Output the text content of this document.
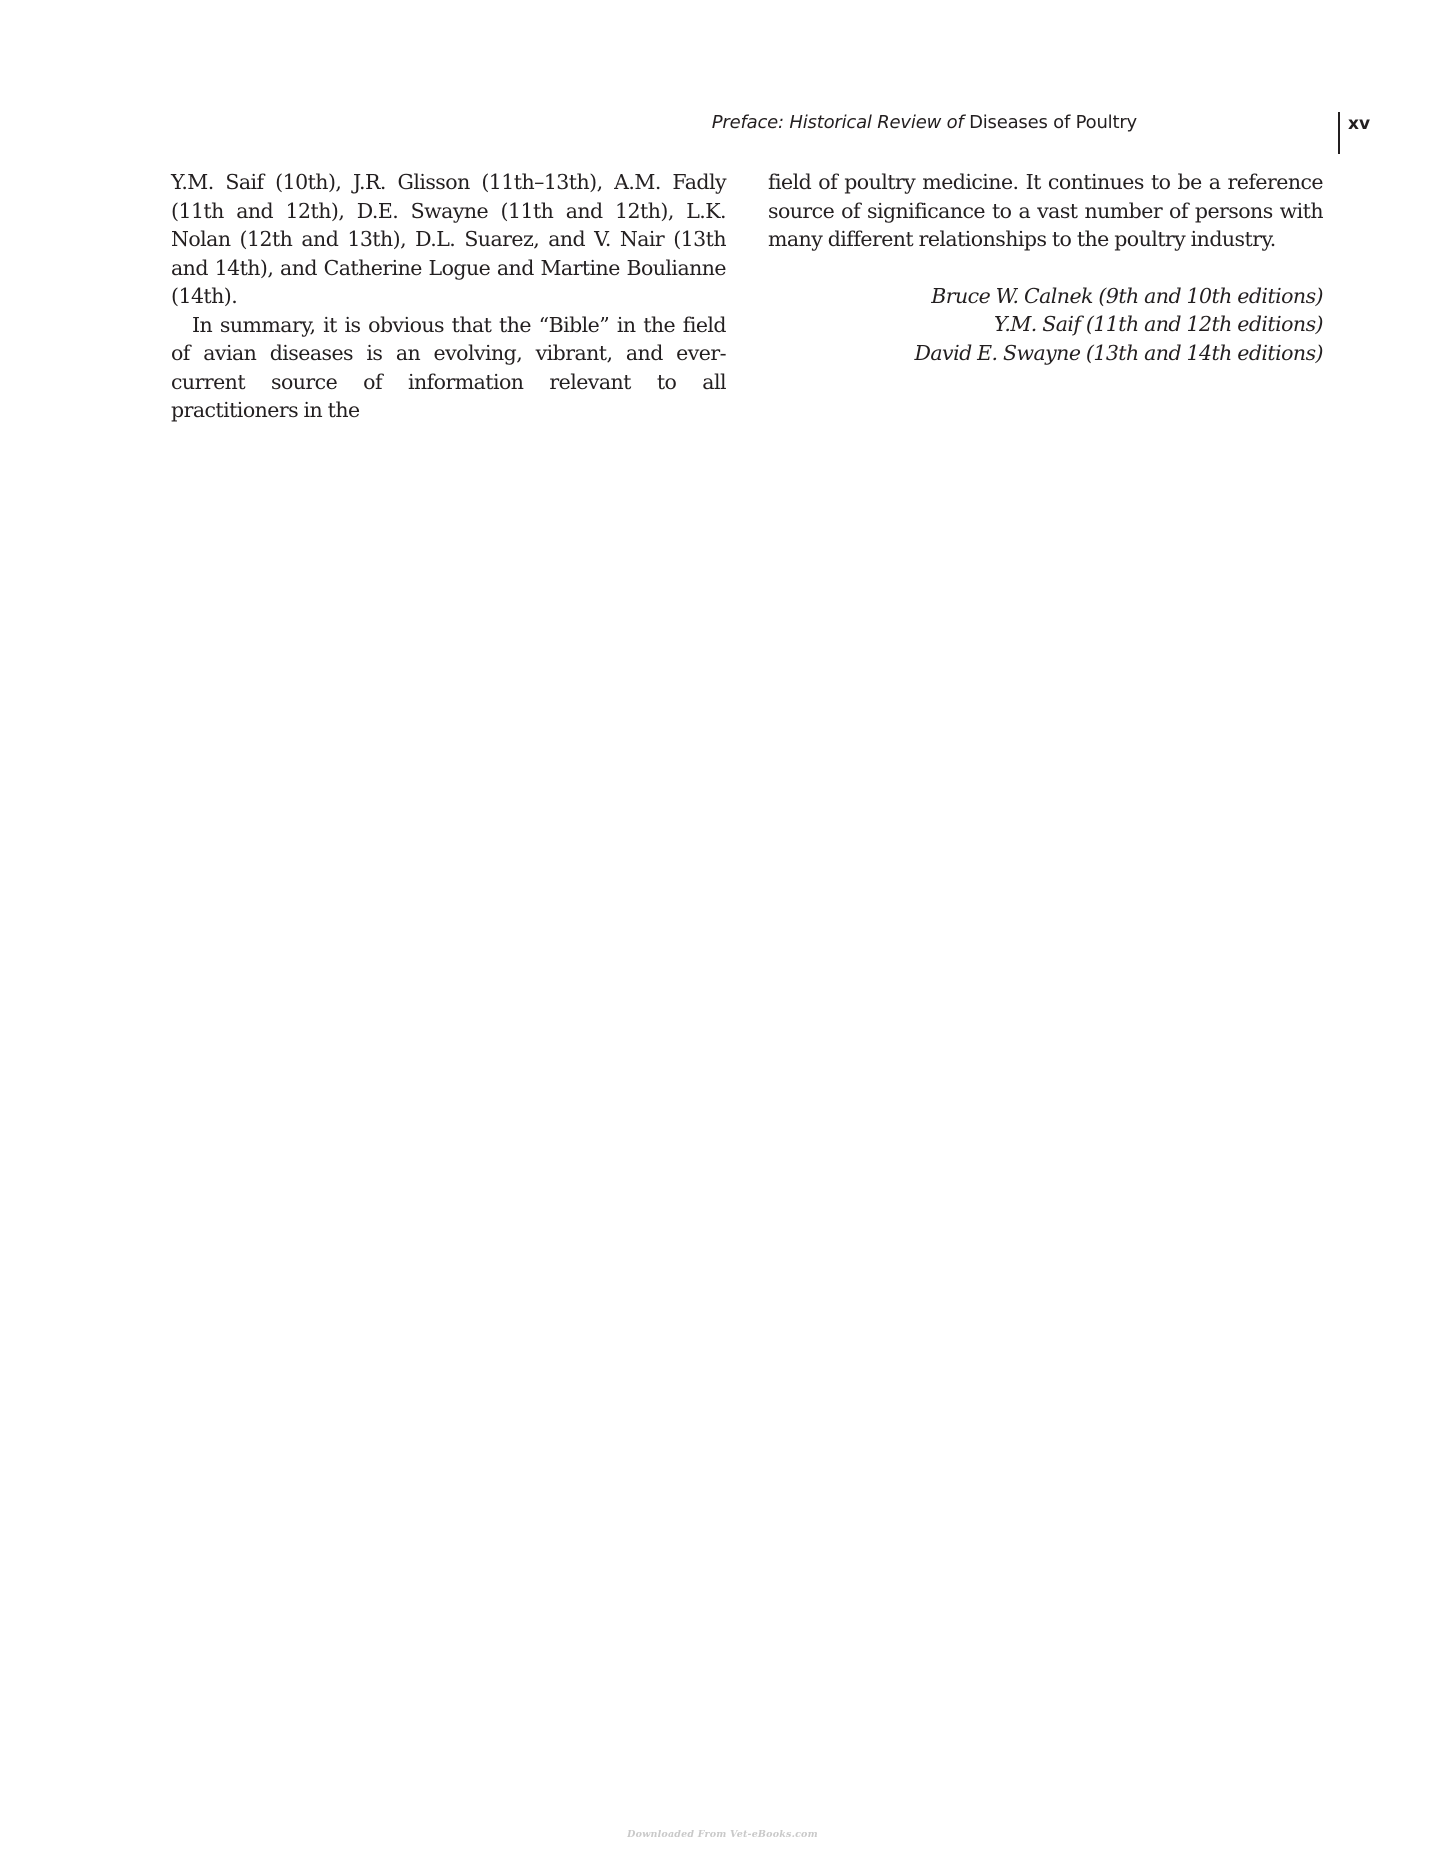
Preface: Historical Review of Diseases of Poultry	xv

Y.M. Saif (10th), J.R. Glisson (11th–13th), A.M. Fadly (11th and 12th), D.E. Swayne (11th and 12th), L.K. Nolan (12th and 13th), D.L. Suarez, and V. Nair (13th and 14th), and Catherine Logue and Martine Boulianne (14th).

In summary, it is obvious that the “Bible” in the field of avian diseases is an evolving, vibrant, and ever-current source of information relevant to all practitioners in the

field of poultry medicine. It continues to be a reference source of significance to a vast number of persons with many different relationships to the poultry industry.

Bruce W. Calnek (9th and 10th editions)
Y.M. Saif (11th and 12th editions)
David E. Swayne (13th and 14th editions)
Downloaded From Vet-eBooks.com
